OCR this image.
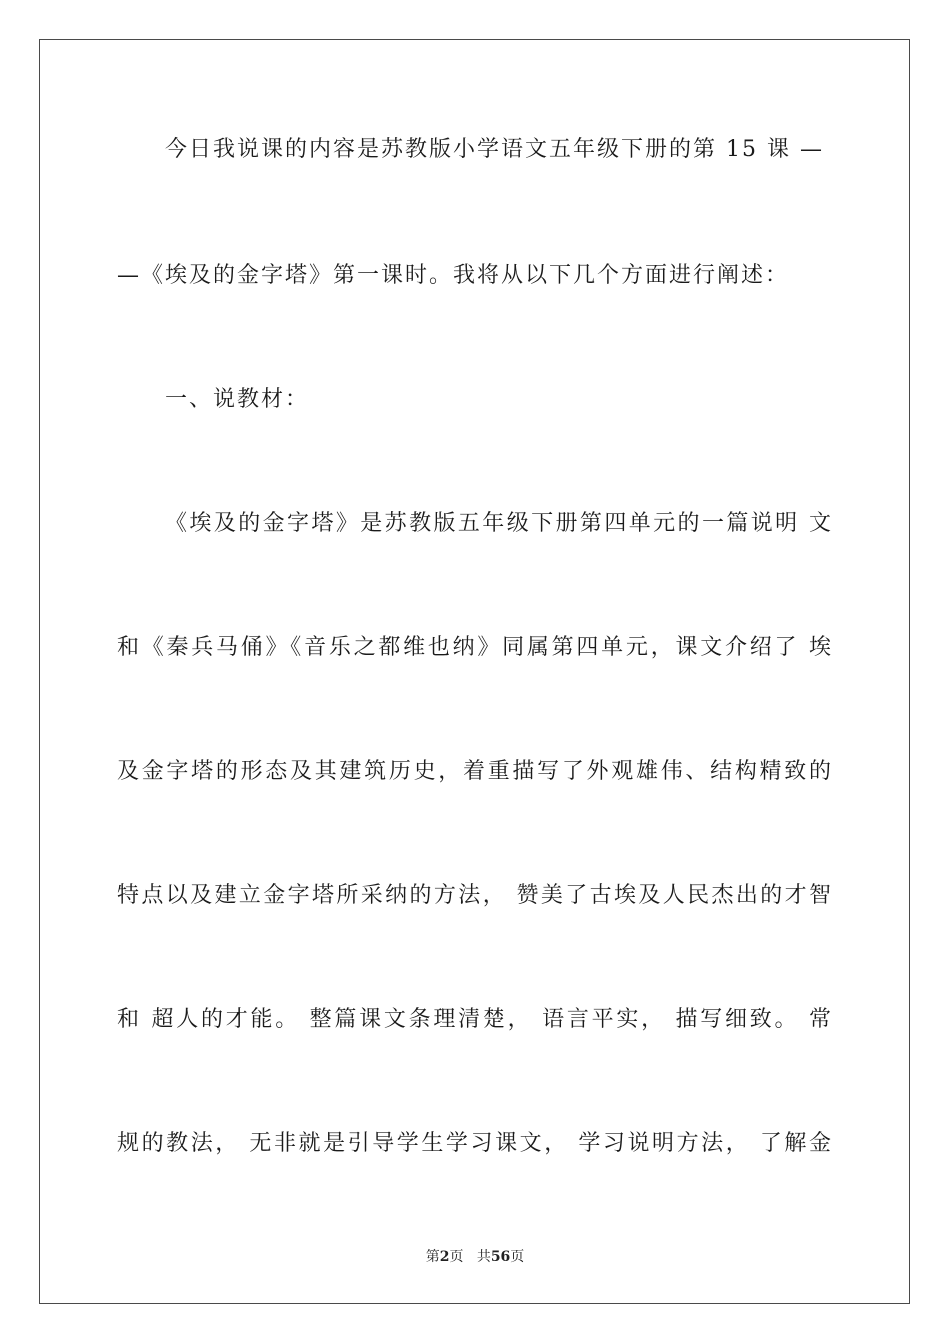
今日我说课的内容是苏教版小学语文五年级下册的第 15 课 —
—《埃及的金字塔》第一课时。我将从以下几个方面进行阐述：
一、说教材：
《埃及的金字塔》是苏教版五年级下册第四单元的一篇说明 文
和《秦兵马俑》《音乐之都维也纳》同属第四单元，课文介绍了 埃
及金字塔的形态及其建筑历史，着重描写了外观雄伟、结构精致的
特点以及建立金字塔所采纳的方法， 赞美了古埃及人民杰出的才智
和 超人的才能。 整篇课文条理清楚， 语言平实， 描写细致。 常
规的教法， 无非就是引导学生学习课文， 学习说明方法， 了解金
第2页 共56页
